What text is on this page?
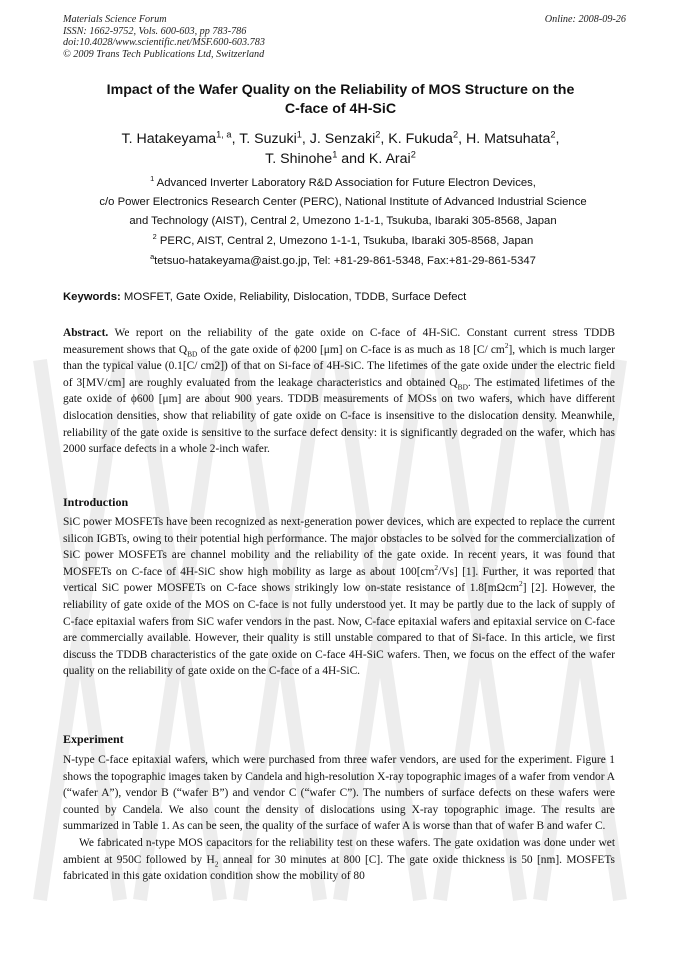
Materials Science Forum
ISSN: 1662-9752, Vols. 600-603, pp 783-786
doi:10.4028/www.scientific.net/MSF.600-603.783
© 2009 Trans Tech Publications Ltd, Switzerland
Online: 2008-09-26
Impact of the Wafer Quality on the Reliability of MOS Structure on the
C-face of 4H-SiC
T. Hatakeyama$^{1, a}$, T. Suzuki$^1$, J. Senzaki$^2$, K. Fukuda$^2$, H. Matsuhata$^2$,
T. Shinohe$^1$ and K. Arai$^2$
$^1$ Advanced Inverter Laboratory R&D Association for Future Electron Devices,
c/o Power Electronics Research Center (PERC), National Institute of Advanced Industrial Science
and Technology (AIST), Central 2, Umezono 1-1-1, Tsukuba, Ibaraki 305-8568, Japan
$^2$ PERC, AIST, Central 2, Umezono 1-1-1, Tsukuba, Ibaraki 305-8568, Japan
$^a$tetsuo-hatakeyama@aist.go.jp, Tel: +81-29-861-5348, Fax:+81-29-861-5347
Keywords: MOSFET, Gate Oxide, Reliability, Dislocation, TDDB, Surface Defect

Abstract. We report on the reliability of the gate oxide on C-face of 4H-SiC. Constant current stress TDDB measurement shows that $Q_{BD}$ of the gate oxide of ϕ200 [μm] on C-face is as much as 18 [C/ $cm^2$], which is much larger than the typical value (0.1[C/ cm2]) of that on Si-face of 4H-SiC. The lifetimes of the gate oxide under the electric field of 3[MV/cm] are roughly evaluated from the leakage characteristics and obtained $Q_{BD}$. The estimated lifetimes of the gate oxide of ϕ600 [μm] are about 900 years. TDDB measurements of MOSs on two wafers, which have different dislocation densities, show that reliability of gate oxide on C-face is insensitive to the dislocation density. Meanwhile, reliability of the gate oxide is sensitive to the surface defect density: it is significantly degraded on the wafer, which has 2000 surface defects in a whole 2-inch wafer.

Introduction

SiC power MOSFETs have been recognized as next-generation power devices, which are expected to replace the current silicon IGBTs, owing to their potential high performance. The major obstacles to be solved for the commercialization of SiC power MOSFETs are channel mobility and the reliability of the gate oxide. In recent years, it was found that MOSFETs on C-face of 4H-SiC show high mobility as large as about $100[cm^2/Vs]$ [1]. Further, it was reported that vertical SiC power MOSFETs on C-face shows strikingly low on-state resistance of 1.8[mΩcm$^2$] [2]. However, the reliability of gate oxide of the MOS on C-face is not fully understood yet. It may be partly due to the lack of supply of C-face epitaxial wafers from SiC wafer vendors in the past. Now, C-face epitaxial wafers and epitaxial service on C-face are commercially available. However, their quality is still unstable compared to that of Si-face. In this article, we first discuss the TDDB characteristics of the gate oxide on C-face 4H-SiC wafers. Then, we focus on the effect of the wafer quality on the reliability of gate oxide on the C-face of a 4H-SiC.

Experiment

N-type C-face epitaxial wafers, which were purchased from three wafer vendors, are used for the experiment. Figure 1 shows the topographic images taken by Candela and high-resolution X-ray topographic images of a wafer from vendor A (“wafer A”), vendor B (“wafer B”) and vendor C (“wafer C”). The numbers of surface defects on these wafers were counted by Candela. We also count the density of dislocations using X-ray topographic image. The results are summarized in Table 1. As can be seen, the quality of the surface of wafer A is worse than that of wafer B and wafer C.

We fabricated n-type MOS capacitors for the reliability test on these wafers. The gate oxidation was done under wet ambient at 950C followed by $H_2$ anneal for 30 minutes at 800 [C]. The gate oxide thickness is 50 [nm]. MOSFETs fabricated in this gate oxidation condition show the mobility of 80
